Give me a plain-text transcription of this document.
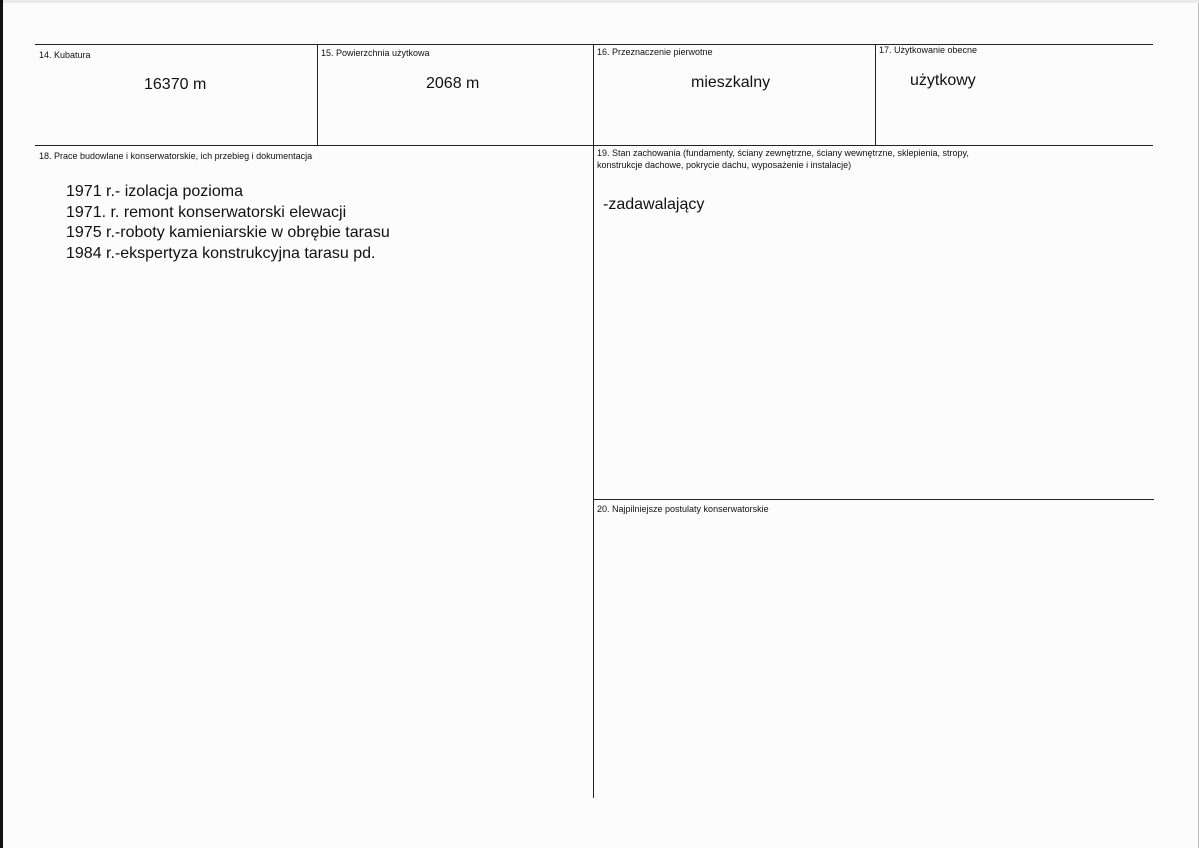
14. Kubatura
16370 m
15. Powierzchnia użytkowa
2068 m
16. Przeznaczenie pierwotne
mieszkalny
17. Użytkowanie obecne
użytkowy
18. Prace budowlane i konserwatorskie, ich przebieg i dokumentacja
1971 r.- izolacja pozioma
1971. r. remont konserwatorski elewacji
1975 r.-roboty kamieniarskie w obrębie tarasu
1984 r.-ekspertyza konstrukcyjna tarasu pd.
19. Stan zachowania (fundamenty, ściany zewnętrzne, ściany wewnętrzne, sklepienia, stropy,
konstrukcje dachowe, pokrycie dachu, wyposażenie i instalacje)
-zadawalający
20. Najpilniejsze postulaty konserwatorskie
